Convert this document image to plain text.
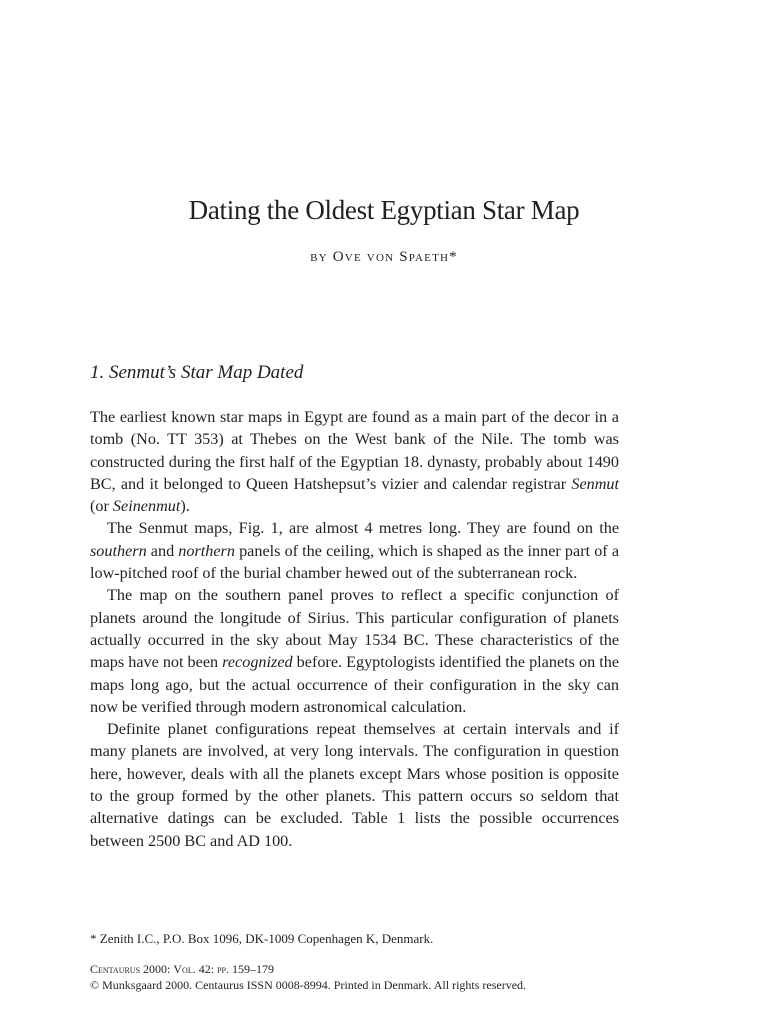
Dating the Oldest Egyptian Star Map
by Ove von Spaeth*
1. Senmut’s Star Map Dated

The earliest known star maps in Egypt are found as a main part of the decor in a tomb (No. TT 353) at Thebes on the West bank of the Nile. The tomb was constructed during the first half of the Egyptian 18. dynasty, probably about 1490 BC, and it belonged to Queen Hatshepsut’s vizier and calendar registrar Senmut (or Seinenmut).

The Senmut maps, Fig. 1, are almost 4 metres long. They are found on the southern and northern panels of the ceiling, which is shaped as the inner part of a low-pitched roof of the burial chamber hewed out of the subterranean rock.

The map on the southern panel proves to reflect a specific conjunction of planets around the longitude of Sirius. This particular configuration of planets actually occurred in the sky about May 1534 BC. These characteristics of the maps have not been recognized before. Egyptologists identified the planets on the maps long ago, but the actual occurrence of their configuration in the sky can now be verified through modern astronomical calculation.

Definite planet configurations repeat themselves at certain intervals and if many planets are involved, at very long intervals. The configuration in question here, however, deals with all the planets except Mars whose position is opposite to the group formed by the other planets. This pattern occurs so seldom that alternative datings can be excluded. Table 1 lists the possible occurrences between 2500 BC and AD 100.

* Zenith I.C., P.O. Box 1096, DK-1009 Copenhagen K, Denmark.
Centaurus 2000: Vol. 42: pp. 159–179
© Munksgaard 2000. Centaurus ISSN 0008-8994. Printed in Denmark. All rights reserved.
